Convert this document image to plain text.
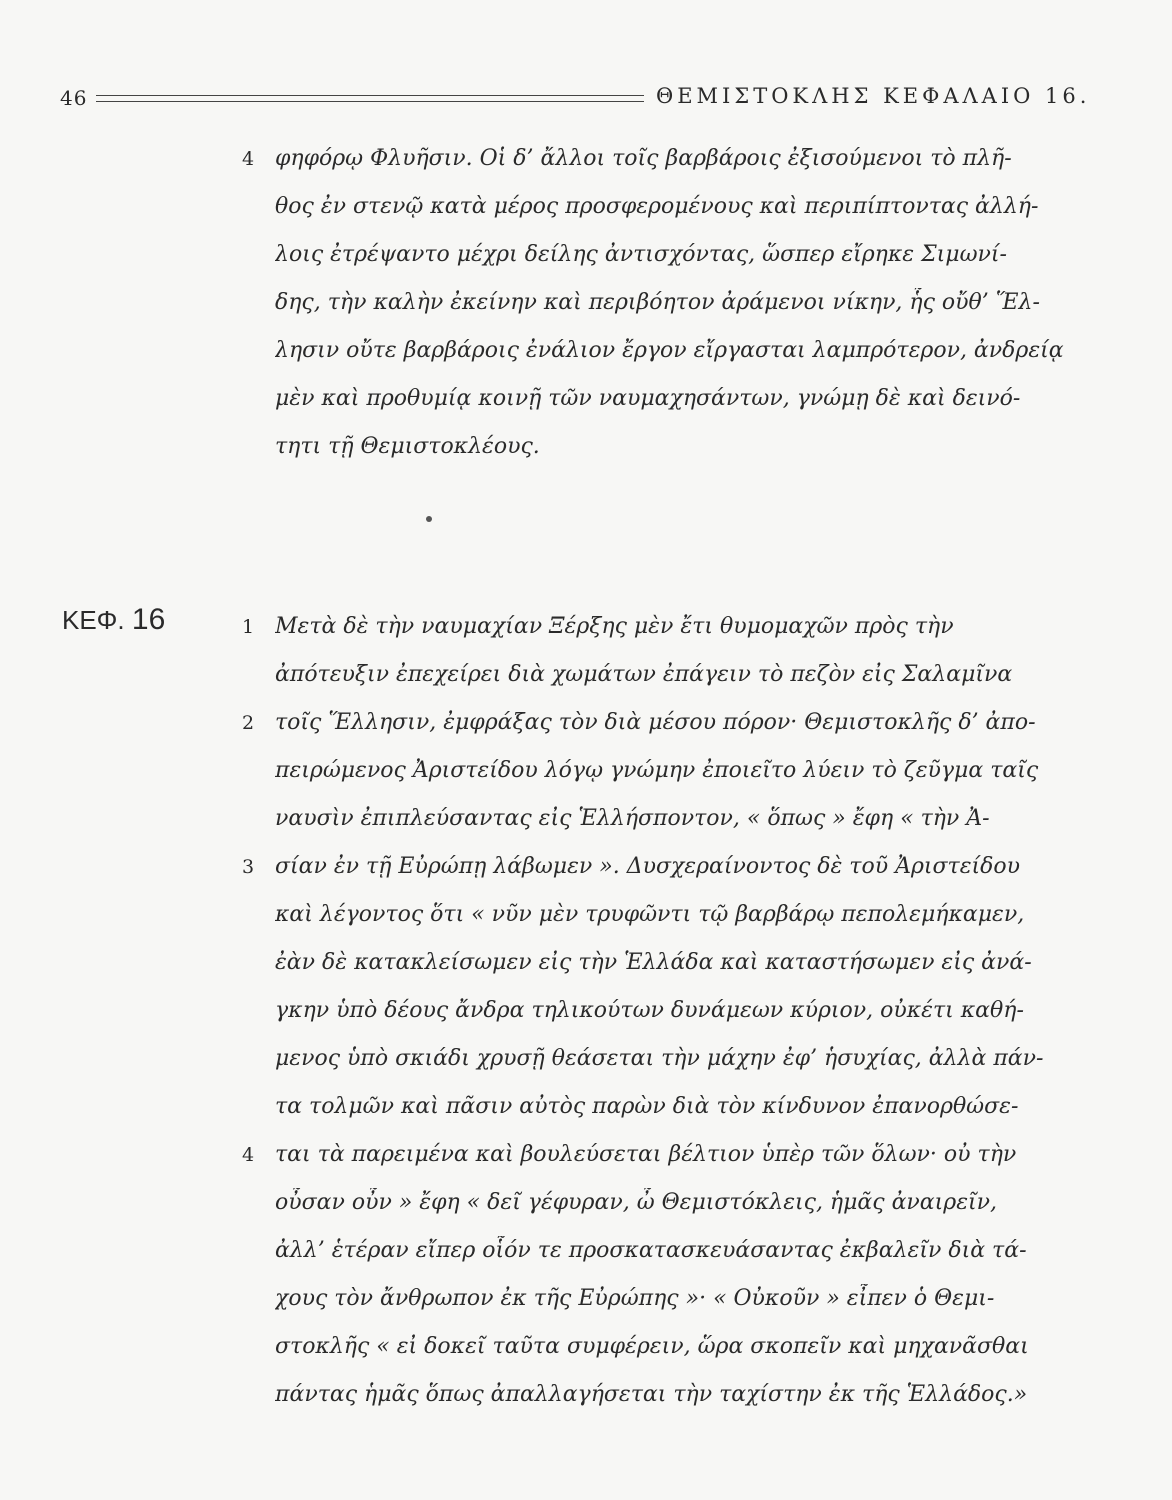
46	ΘΕΜΙΣΤΟΚΛΗΣ ΚΕΦΑΛΑΙΟ 16.
4 φηφόρῳ Φλυῆσιν. Οἱ δ’ ἄλλοι τοῖς βαρβάροις ἐξισούμενοι τὸ πλῆ-
θος ἐν στενῷ κατὰ μέρος προσφερομένους καὶ περιπίπτοντας ἀλλή-
λοις ἐτρέψαντο μέχρι δείλης ἀντισχόντας, ὥσπερ εἴρηκε Σιμωνί-
δης, τὴν καλὴν ἐκείνην καὶ περιβόητον ἀράμενοι νίκην, ἧς οὔθ’ Ἕλ-
λησιν οὔτε βαρβάροις ἐνάλιον ἔργον εἴργασται λαμπρότερον, ἀνδρείᾳ
μὲν καὶ προθυμίᾳ κοινῇ τῶν ναυμαχησάντων, γνώμῃ δὲ καὶ δεινό-
τητι τῇ Θεμιστοκλέους.
ΚΕΦ. 16	1
2
3
4
Μετὰ δὲ τὴν ναυμαχίαν Ξέρξης μὲν ἔτι θυμομαχῶν πρὸς τὴν
ἀπότευξιν ἐπεχείρει διὰ χωμάτων ἐπάγειν τὸ πεζὸν εἰς Σαλαμῖνα
τοῖς Ἕλλησιν, ἐμφράξας τὸν διὰ μέσου πόρον· Θεμιστοκλῆς δ’ ἀπο-
πειρώμενος Ἀριστείδου λόγῳ γνώμην ἐποιεῖτο λύειν τὸ ζεῦγμα ταῖς
ναυσὶν ἐπιπλεύσαντας εἰς Ἑλλήσποντον, « ὅπως » ἔφη « τὴν Ἀ-
σίαν ἐν τῇ Εὐρώπῃ λάβωμεν ». Δυσχεραίνοντος δὲ τοῦ Ἀριστείδου
καὶ λέγοντος ὅτι « νῦν μὲν τρυφῶντι τῷ βαρβάρῳ πεπολεμήκαμεν,
ἐὰν δὲ κατακλείσωμεν εἰς τὴν Ἑλλάδα καὶ καταστήσωμεν εἰς ἀνά-
γκην ὑπὸ δέους ἄνδρα τηλικούτων δυνάμεων κύριον, οὐκέτι καθή-
μενος ὑπὸ σκιάδι χρυσῇ θεάσεται τὴν μάχην ἐφ’ ἡσυχίας, ἀλλὰ πάν-
τα τολμῶν καὶ πᾶσιν αὐτὸς παρὼν διὰ τὸν κίνδυνον ἐπανορθώσε-
ται τὰ παρειμένα καὶ βουλεύσεται βέλτιον ὑπὲρ τῶν ὅλων· οὐ τὴν
οὖσαν οὖν » ἔφη « δεῖ γέφυραν, ὦ Θεμιστόκλεις, ἡμᾶς ἀναιρεῖν,
ἀλλ’ ἑτέραν εἴπερ οἷόν τε προσκατασκευάσαντας ἐκβαλεῖν διὰ τά-
χους τὸν ἄνθρωπον ἐκ τῆς Εὐρώπης »· « Οὐκοῦν » εἶπεν ὁ Θεμι-
στοκλῆς « εἰ δοκεῖ ταῦτα συμφέρειν, ὥρα σκοπεῖν καὶ μηχανᾶσθαι
πάντας ἡμᾶς ὅπως ἀπαλλαγήσεται τὴν ταχίστην ἐκ τῆς Ἑλλάδος.»
